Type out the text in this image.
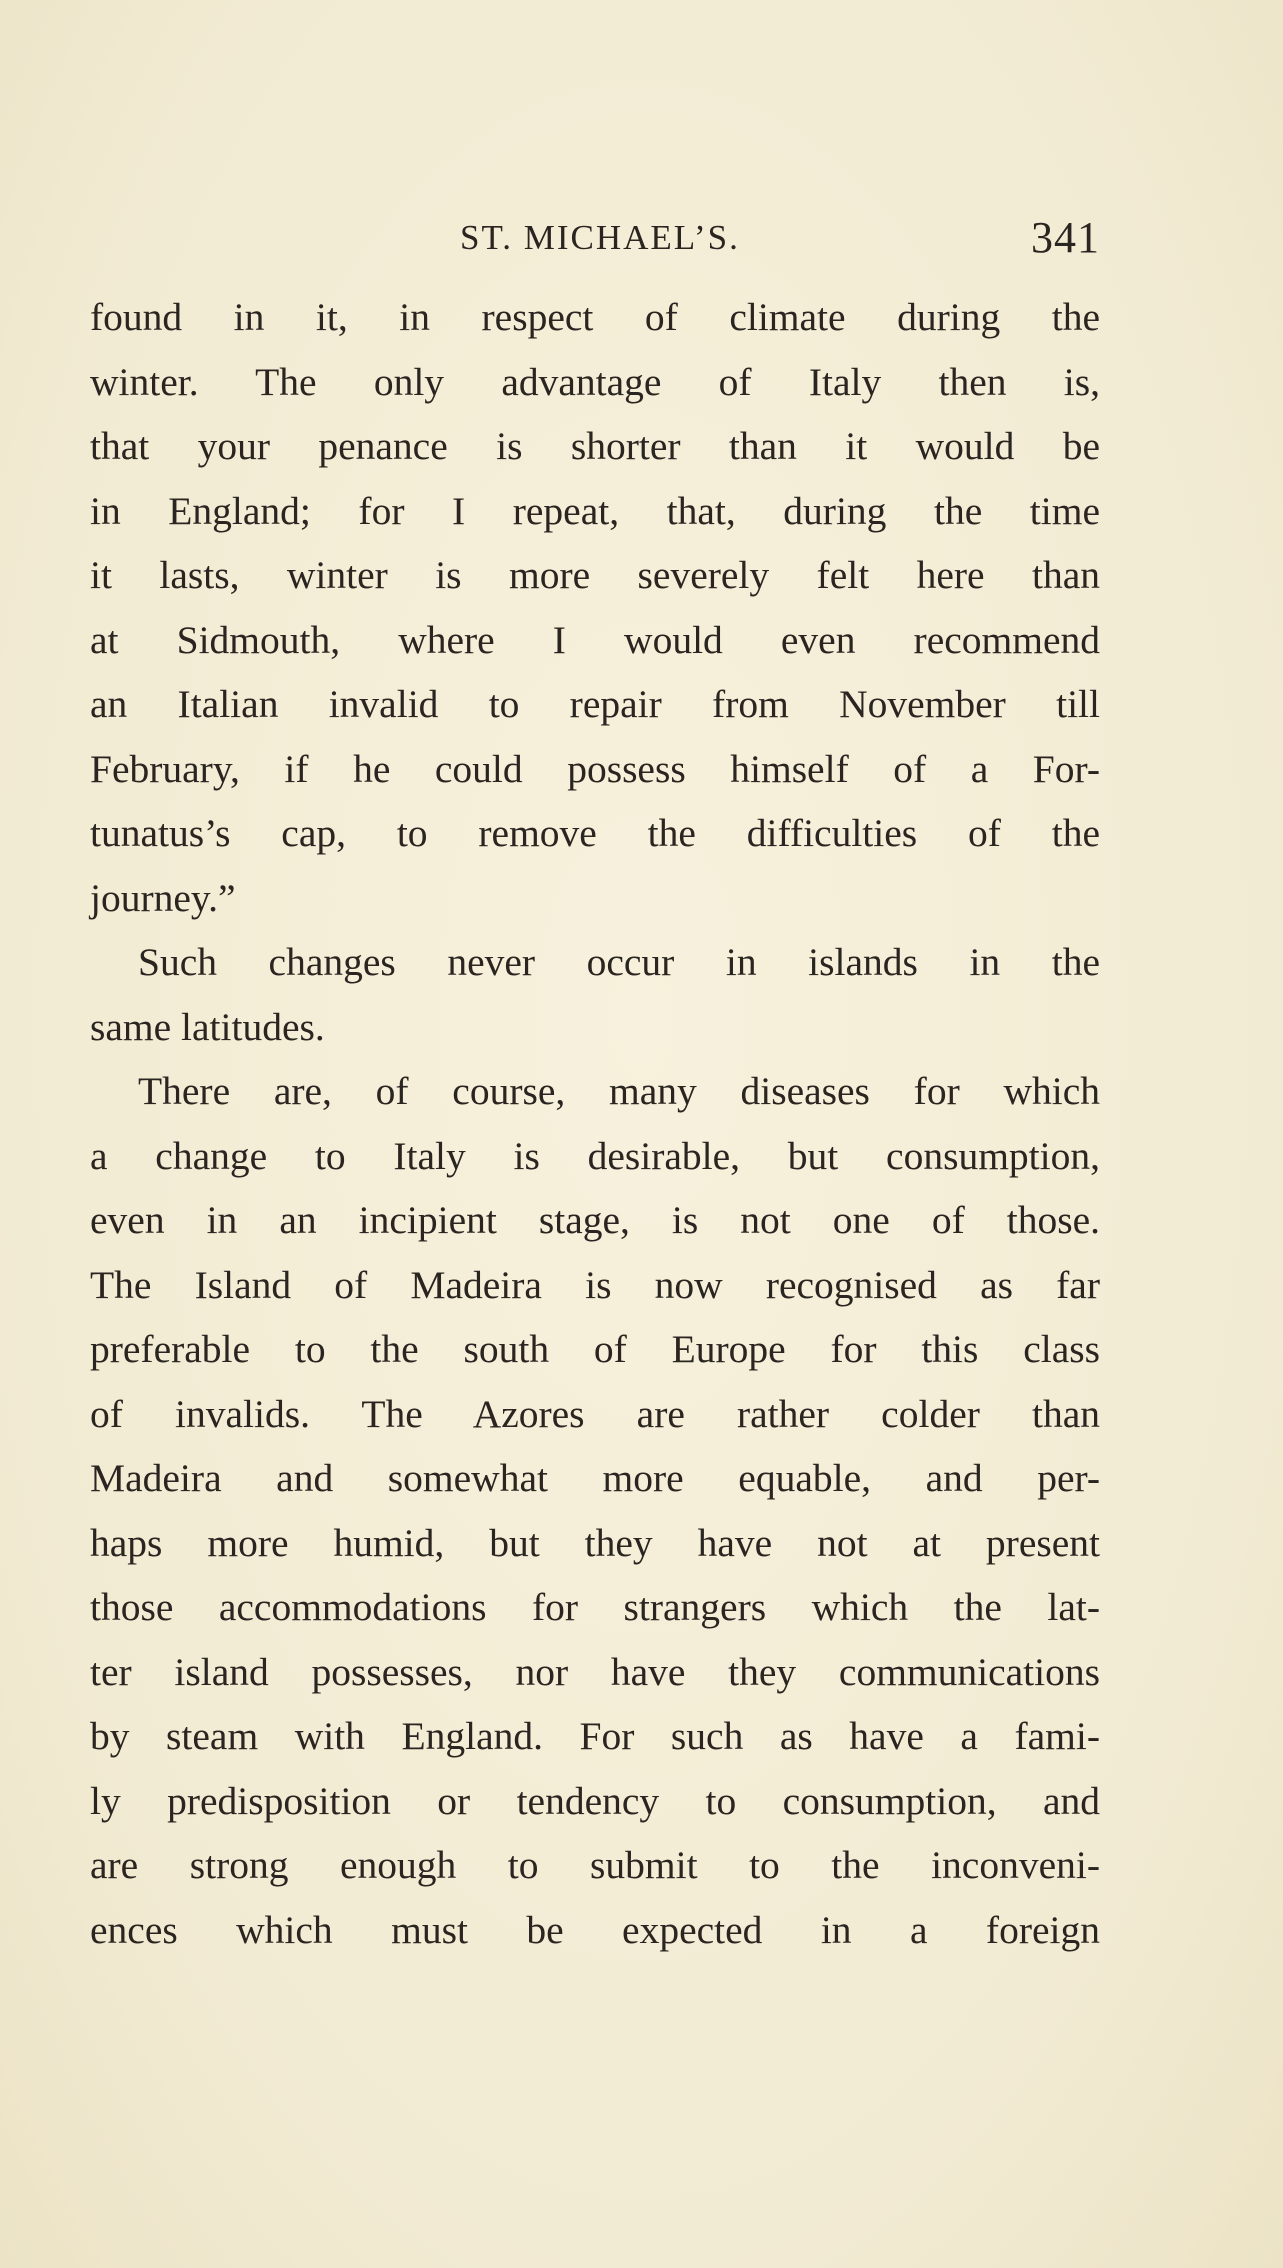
ST. MICHAEL’S.	341
found in it, in respect of climate during the
winter. The only advantage of Italy then is,
that your penance is shorter than it would be
in England; for I repeat, that, during the time
it lasts, winter is more severely felt here than
at Sidmouth, where I would even recommend
an Italian invalid to repair from November till
February, if he could possess himself of a For-
tunatus’s cap, to remove the difficulties of the
journey.”
Such changes never occur in islands in the
same latitudes.
There are, of course, many diseases for which
a change to Italy is desirable, but consumption,
even in an incipient stage, is not one of those.
The Island of Madeira is now recognised as far
preferable to the south of Europe for this class
of invalids. The Azores are rather colder than
Madeira and somewhat more equable, and per-
haps more humid, but they have not at present
those accommodations for strangers which the lat-
ter island possesses, nor have they communications
by steam with England. For such as have a fami-
ly predisposition or tendency to consumption, and
are strong enough to submit to the inconveni-
ences which must be expected in a foreign
